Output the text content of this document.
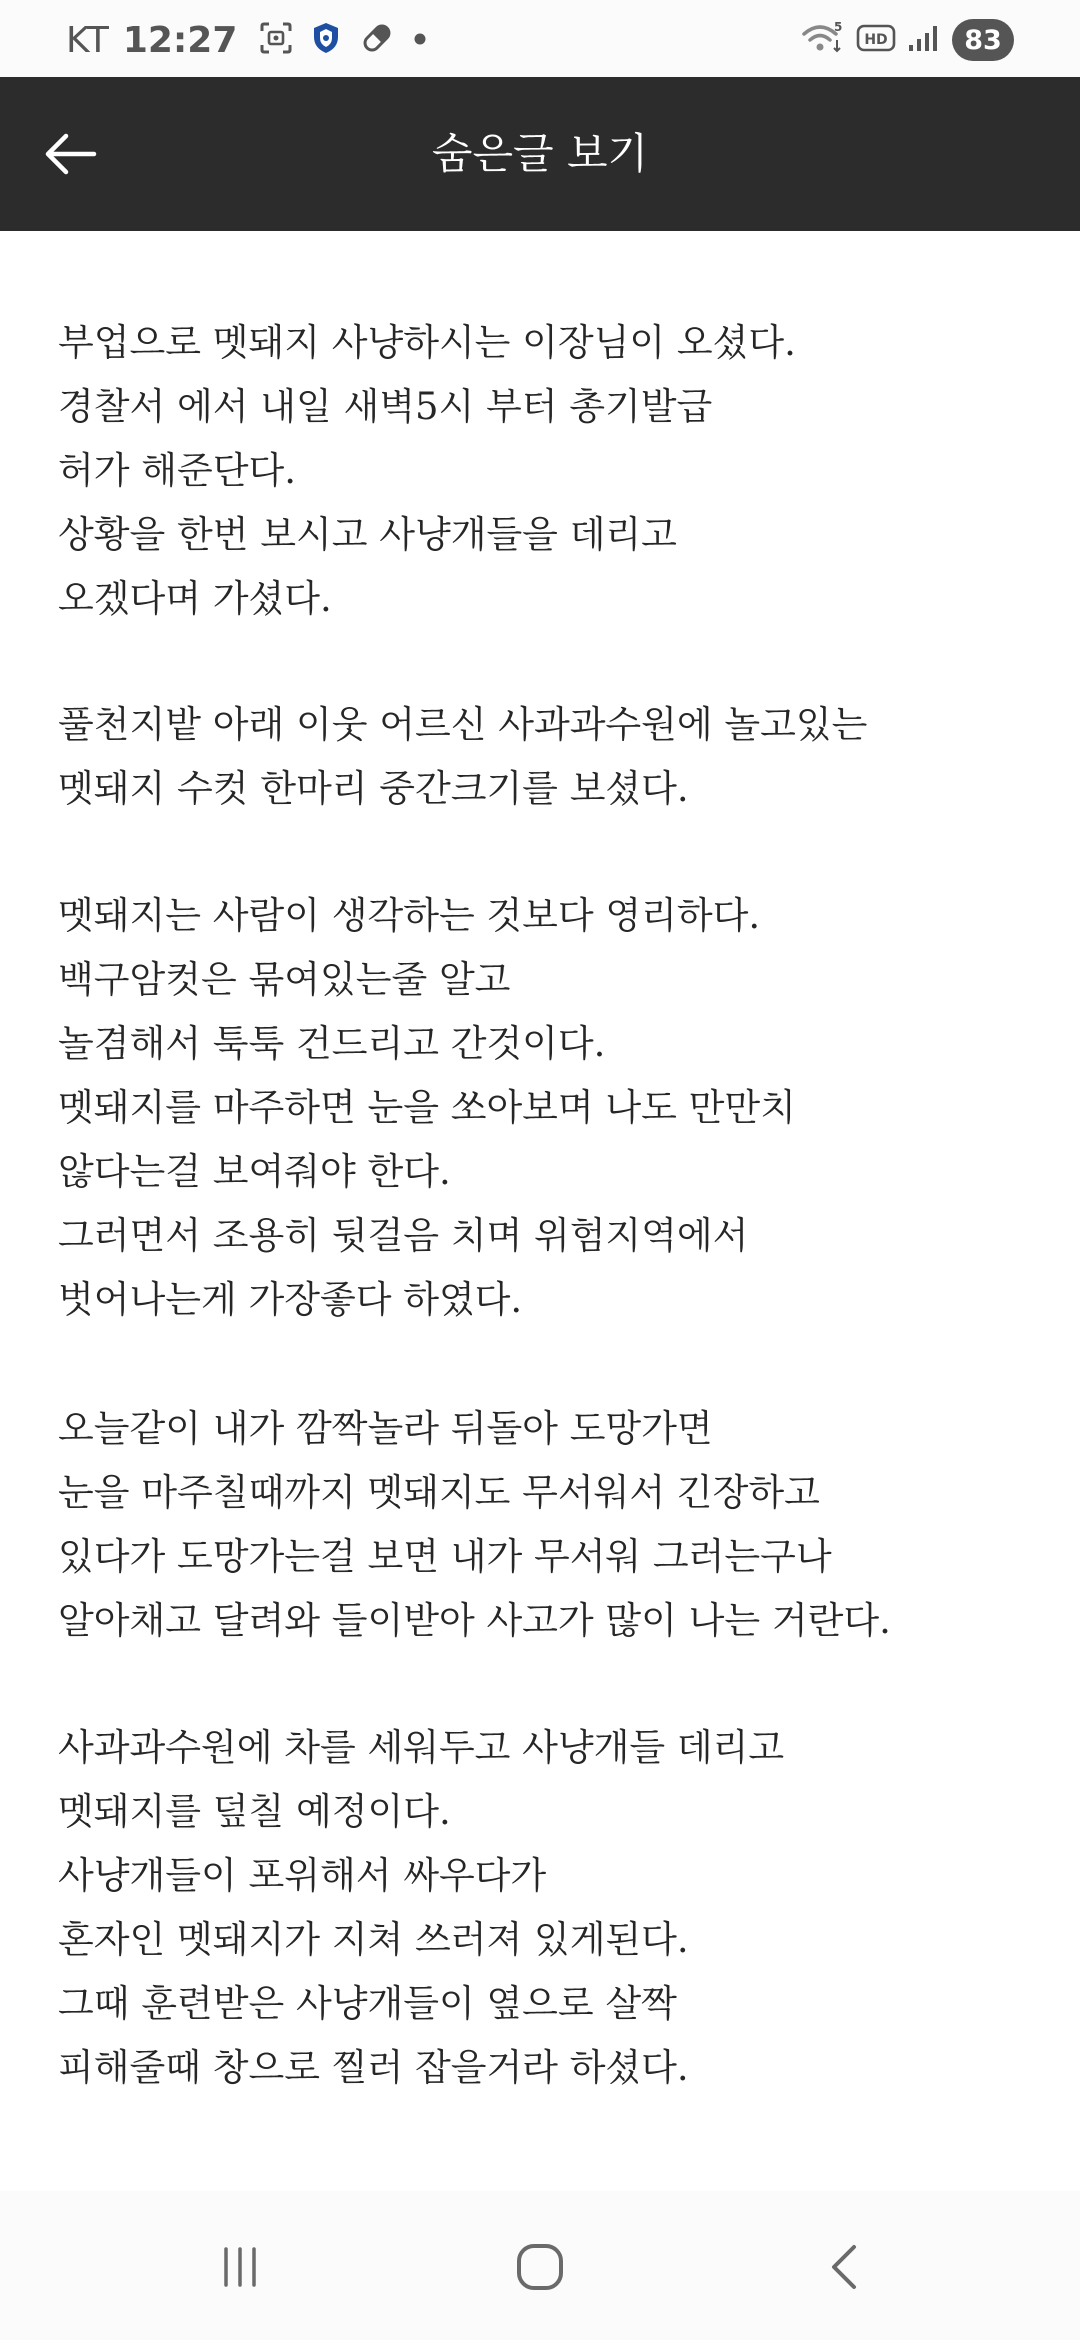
KT 12:27	5
HD	83
숨은글 보기
부업으로 멧돼지 사냥하시는 이장님이 오셨다.
경찰서 에서 내일 새벽5시 부터 총기발급
허가 해준단다.
상황을 한번 보시고 사냥개들을 데리고
오겠다며 가셨다.
풀천지밭 아래 이웃 어르신 사과과수원에 놀고있는
멧돼지 수컷 한마리 중간크기를 보셨다.
멧돼지는 사람이 생각하는 것보다 영리하다.
백구암컷은 묶여있는줄 알고
놀겸해서 툭툭 건드리고 간것이다.
멧돼지를 마주하면 눈을 쏘아보며 나도 만만치
않다는걸 보여줘야 한다.
그러면서 조용히 뒷걸음 치며 위험지역에서
벗어나는게 가장좋다 하였다.
오늘같이 내가 깜짝놀라 뒤돌아 도망가면
눈을 마주칠때까지 멧돼지도 무서워서 긴장하고
있다가 도망가는걸 보면 내가 무서워 그러는구나
알아채고 달려와 들이받아 사고가 많이 나는 거란다.
사과과수원에 차를 세워두고 사냥개들 데리고
멧돼지를 덮칠 예정이다.
사냥개들이 포위해서 싸우다가
혼자인 멧돼지가 지쳐 쓰러져 있게된다.
그때 훈련받은 사냥개들이 옆으로 살짝
피해줄때 창으로 찔러 잡을거라 하셨다.
